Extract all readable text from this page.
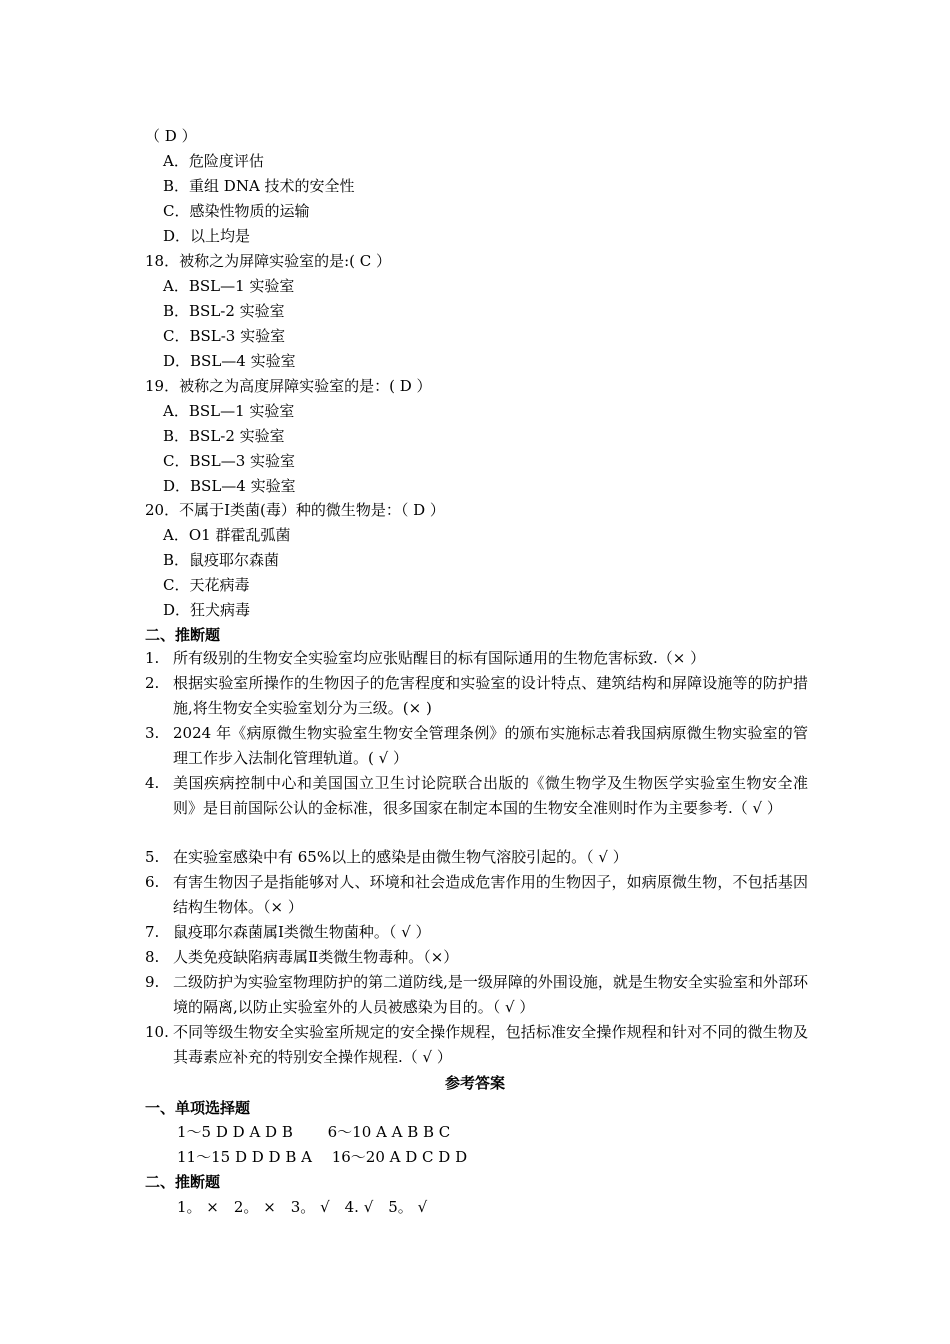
（ D ）
A．危险度评估
B．重组 DNA 技术的安全性
C．感染性物质的运输
D．以上均是
18．被称之为屏障实验室的是:( C ）
A．BSL—1 实验室
B．BSL-2 实验室
C．BSL-3 实验室
D．BSL—4 实验室
19．被称之为高度屏障实验室的是：( D ）
A．BSL—1 实验室
B．BSL-2 实验室
C．BSL—3 实验室
D．BSL—4 实验室
20．不属于Ⅰ类菌(毒）种的微生物是：（ D ）
A．O1 群霍乱弧菌
B．鼠疫耶尔森菌
C．天花病毒
D．狂犬病毒
二、推断题
1. 所有级别的生物安全实验室均应张贴醒目的标有国际通用的生物危害标致.（× ）
2. 根据实验室所操作的生物因子的危害程度和实验室的设计特点、建筑结构和屏障设施等的防护措施,将生物安全实验室划分为三级。(× )
3. 2024 年《病原微生物实验室生物安全管理条例》的颁布实施标志着我国病原微生物实验室的管理工作步入法制化管理轨道。( √ ）
4. 美国疾病控制中心和美国国立卫生讨论院联合出版的《微生物学及生物医学实验室生物安全准则》是目前国际公认的金标准，很多国家在制定本国的生物安全准则时作为主要参考.（ √ ）
5. 在实验室感染中有 65%以上的感染是由微生物气溶胶引起的。（ √ ）
6. 有害生物因子是指能够对人、环境和社会造成危害作用的生物因子，如病原微生物，不包括基因结构生物体。（× ）
7. 鼠疫耶尔森菌属Ⅰ类微生物菌种。（ √ ）
8. 人类免疫缺陷病毒属Ⅱ类微生物毒种。（×）
9. 二级防护为实验室物理防护的第二道防线,是一级屏障的外围设施，就是生物安全实验室和外部环境的隔离,以防止实验室外的人员被感染为目的。（ √ ）
10. 不同等级生物安全实验室所规定的安全操作规程，包括标准安全操作规程和针对不同的微生物及其毒素应补充的特别安全操作规程.（ √ ）
参考答案
一、单项选择题
1～5 D D A D B　　 6～10 A A B B C
11～15 D D D B A　 16～20 A D C D D
二、推断题
1。 ×　2。 ×　3。 √　4. √　5。 √
